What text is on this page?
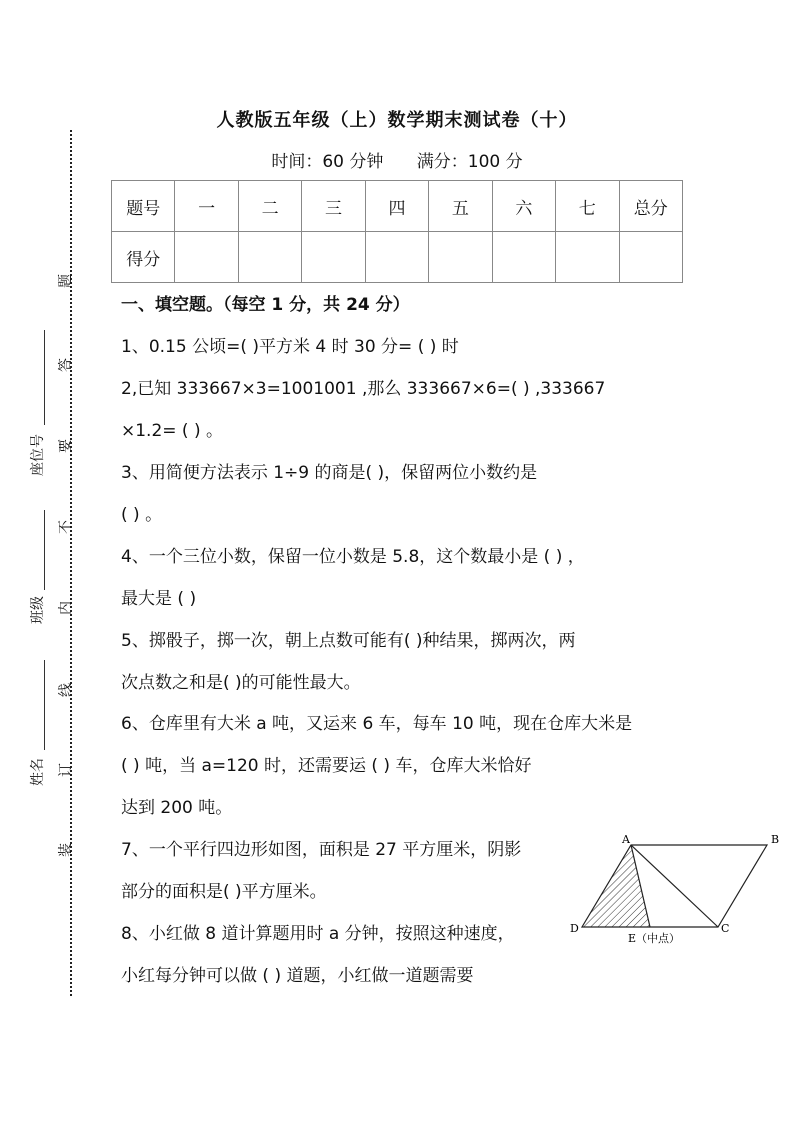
题
答
要
不
内
线
订
装
座位号
班级
姓名
人教版五年级（上）数学期末测试卷（十）
时间：60 分钟 满分：100 分
题号	一	二	三	四	五	六	七	总分
得分								
一、填空题。（每空 1 分，共 24 分）
1、0.15 公顷=( )平方米 4 时 30 分= ( ) 时
2,已知 333667×3=1001001 ,那么 333667×6=( ) ,333667
×1.2= ( ) 。
3、用简便方法表示 1÷9 的商是( )，保留两位小数约是
( ) 。
4、一个三位小数，保留一位小数是 5.8，这个数最小是 ( ) ，
最大是 ( )
5、掷骰子，掷一次，朝上点数可能有( )种结果，掷两次，两
次点数之和是( )的可能性最大。
6、仓库里有大米 a 吨，又运来 6 车，每车 10 吨，现在仓库大米是
( ) 吨，当 a=120 时，还需要运 ( ) 车，仓库大米恰好
达到 200 吨。
7、一个平行四边形如图，面积是 27 平方厘米，阴影
部分的面积是( )平方厘米。
8、小红做 8 道计算题用时 a 分钟，按照这种速度，
小红每分钟可以做 ( ) 道题，小红做一道题需要
A	B
C
D
E（中点）
